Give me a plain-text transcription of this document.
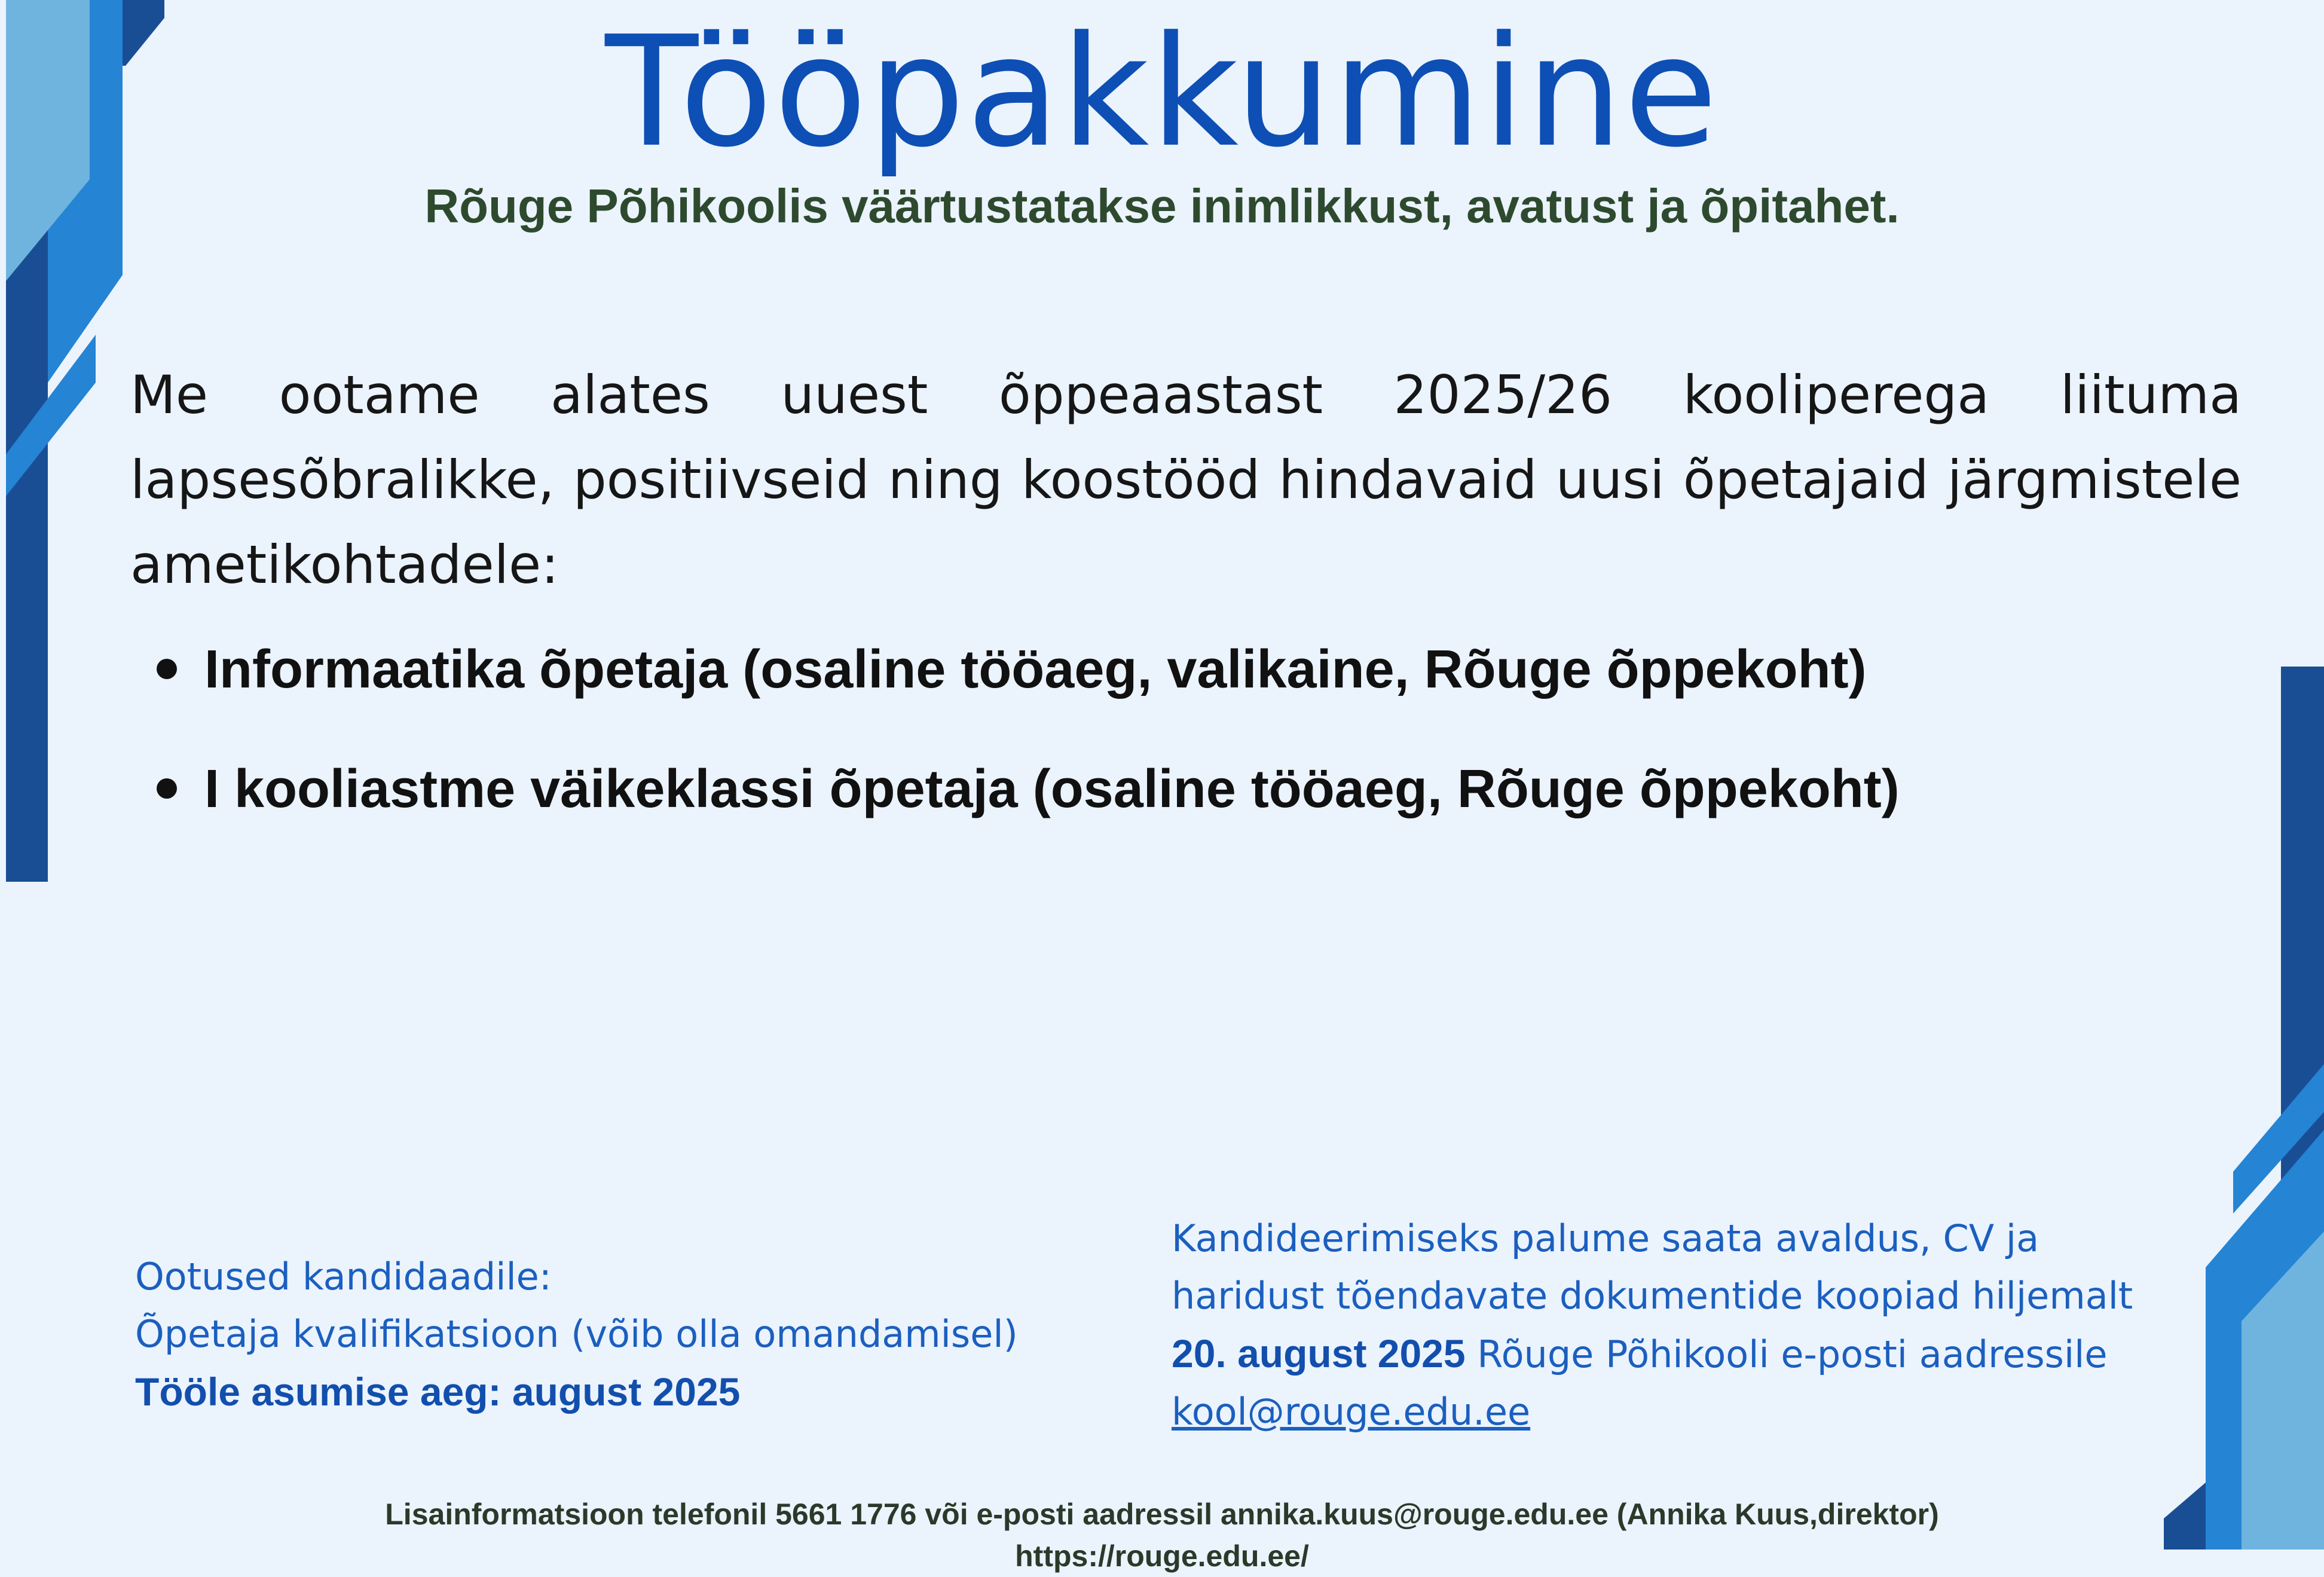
Tööpakkumine

Rõuge Põhikoolis väärtustatakse inimlikkust, avatust ja õpitahet.

Me ootame alates uuest õppeaastast 2025/26 kooliperega liituma lapsesõbralikke, positiivseid ning koostööd hindavaid uusi õpetajaid järgmistele ametikohtadele:

Informaatika õpetaja (osaline tööaeg, valikaine, Rõuge õppekoht)
I kooliastme väikeklassi õpetaja (osaline tööaeg, Rõuge õppekoht)
Ootused kandidaadile:
Õpetaja kvalifikatsioon (võib olla omandamisel)
Tööle asumise aeg: august 2025
Kandideerimiseks palume saata avaldus, CV ja
haridust tõendavate dokumentide koopiad hiljemalt
20. august 2025 Rõuge Põhikooli e-posti aadressile
kool@rouge.edu.ee
Lisainformatsioon telefonil 5661 1776 või e-posti aadressil annika.kuus@rouge.edu.ee (Annika Kuus,direktor)
https://rouge.edu.ee/
